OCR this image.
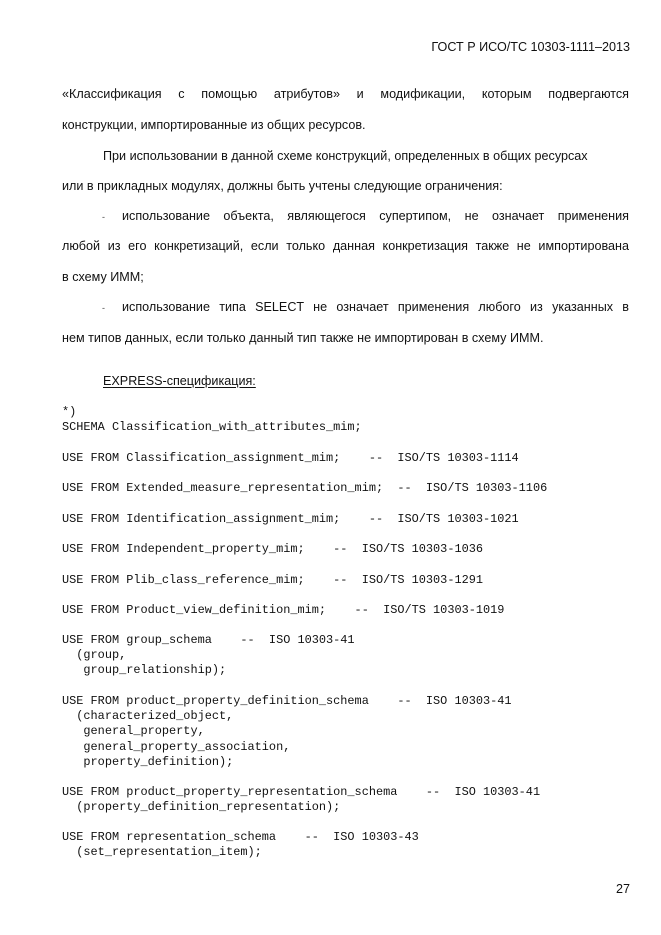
ГОСТ Р ИСО/ТС 10303-1111–2013
«Классификация с помощью атрибутов» и модификации, которым подвергаются
конструкции, импортированные из общих ресурсов.
При использовании в данной схеме конструкций, определенных в общих ресурсах
или в прикладных модулях, должны быть учтены следующие ограничения:
- использование объекта, являющегося супертипом, не означает применения
любой из его конкретизаций, если только данная конкретизация также не импортирована
в схему ИММ;
- использование типа SELECT не означает применения любого из указанных в
нем типов данных, если только данный тип также не импортирован в схему ИММ.
EXPRESS-спецификация:
*)
SCHEMA Classification_with_attributes_mim;
USE FROM Classification_assignment_mim;    --  ISO/TS 10303-1114
USE FROM Extended_measure_representation_mim;  --  ISO/TS 10303-1106
USE FROM Identification_assignment_mim;    --  ISO/TS 10303-1021
USE FROM Independent_property_mim;    --  ISO/TS 10303-1036
USE FROM Plib_class_reference_mim;    --  ISO/TS 10303-1291
USE FROM Product_view_definition_mim;    --  ISO/TS 10303-1019
USE FROM group_schema    --  ISO 10303-41
(group,
group_relationship);
USE FROM product_property_definition_schema    --  ISO 10303-41
(characterized_object,
general_property,
general_property_association,
property_definition);
USE FROM product_property_representation_schema    --  ISO 10303-41
(property_definition_representation);
USE FROM representation_schema    --  ISO 10303-43
(set_representation_item);
27
